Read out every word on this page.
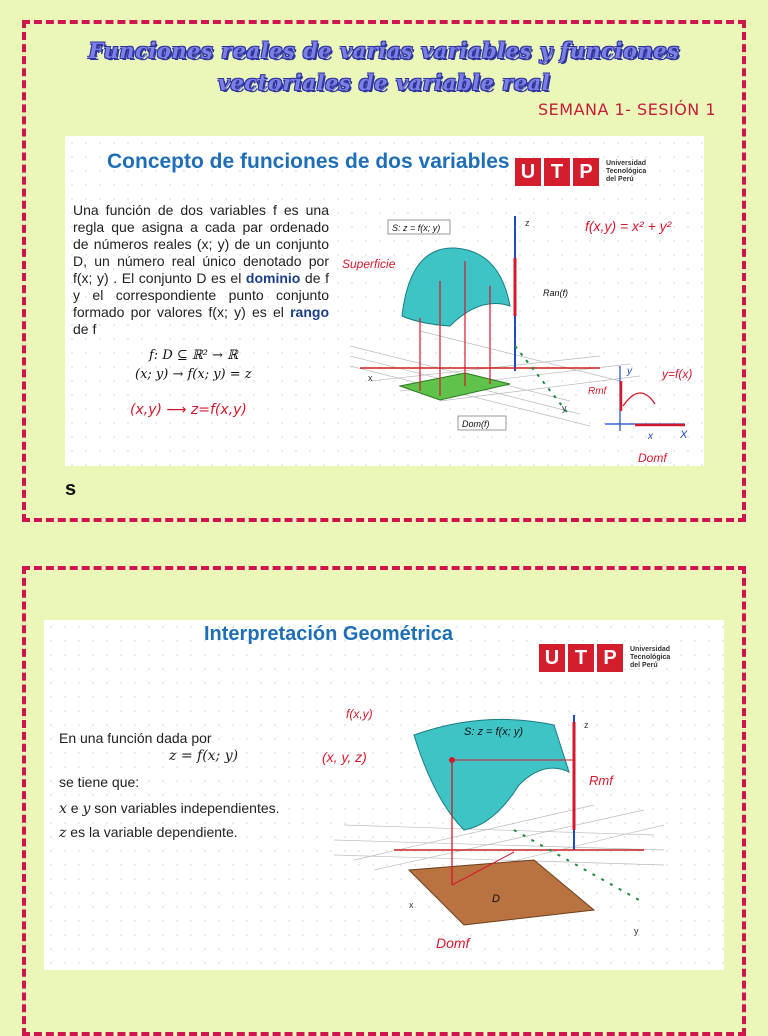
Funciones reales de varias variables y funciones
vectoriales de variable real
SEMANA 1- SESIÓN 1
s
Concepto de funciones de dos variables U T P	Universidad
Tecnológica
del Perú
Una función de dos variables f es una regla que asigna a cada par ordenado de números reales (x; y) de un conjunto D, un número real único denotado por f(x; y) . El conjunto D es el dominio de f y el correspondiente punto conjunto formado por valores f(x; y) es el rango de f
f: D ⊆ ℝ² → ℝ
(x; y) → f(x; y) = z
(x,y) ⟶ z=f(x,y)
z
x
y
S: z = f(x; y)
Ran(f)
Dom(f)
Superficie
f(x,y) = x² + y²
y=f(x)
Rmf
Domf
y
x X
Interpretación Geométrica
U T P	Universidad
Tecnológica
del Perú
En una función dada por
z = f(x; y)
se tiene que:
x e y son variables independientes.
z es la variable dependiente.
z
x
y
D
S: z = f(x; y)
f(x,y)
(x, y, z)
Rmf
Domf
